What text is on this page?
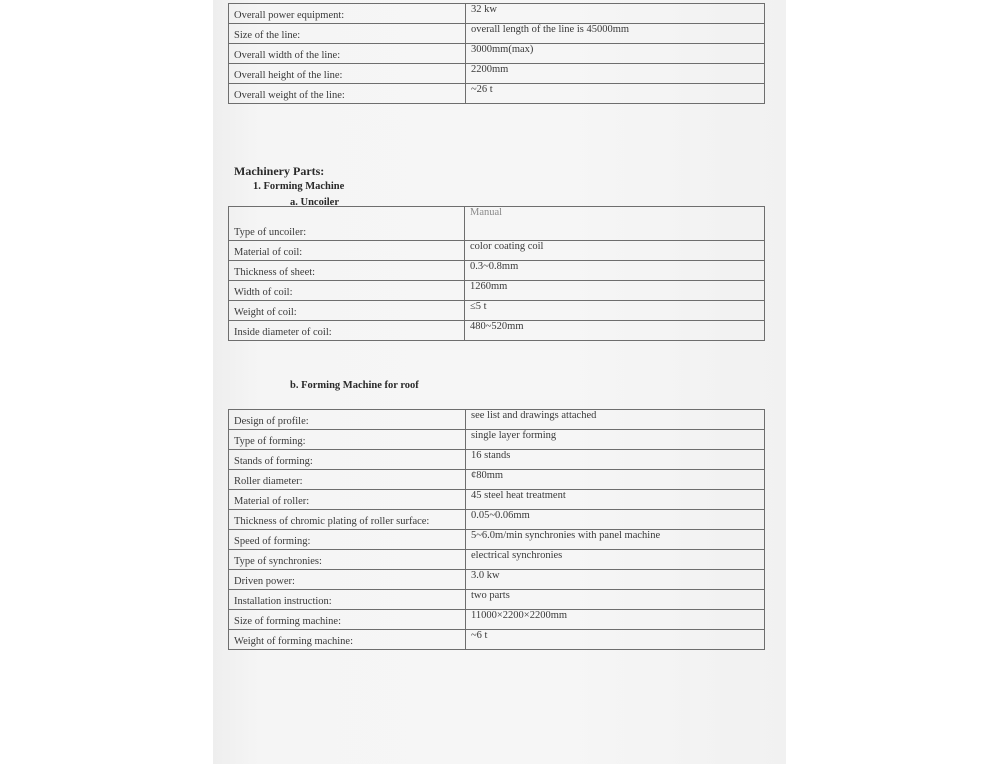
Overall power equipment:	32 kw
Size of the line:	overall length of the line is 45000mm
Overall width of the line:	3000mm(max)
Overall height of the line:	2200mm
Overall weight of the line:	~26 t
Machinery Parts:
1. Forming Machine
a. Uncoiler
Type of uncoiler:	Manual
Material of coil:	color coating coil
Thickness of sheet:	0.3~0.8mm
Width of coil:	1260mm
Weight of coil:	≤5 t
Inside diameter of coil:	480~520mm
b. Forming Machine for roof
Design of profile:	see list and drawings attached
Type of forming:	single layer forming
Stands of forming:	16 stands
Roller diameter:	¢80mm
Material of roller:	45 steel heat treatment
Thickness of chromic plating of roller surface:	0.05~0.06mm
Speed of forming:	5~6.0m/min synchronies with panel machine
Type of synchronies:	electrical synchronies
Driven power:	3.0 kw
Installation instruction:	two parts
Size of forming machine:	11000×2200×2200mm
Weight of forming machine:	~6 t
